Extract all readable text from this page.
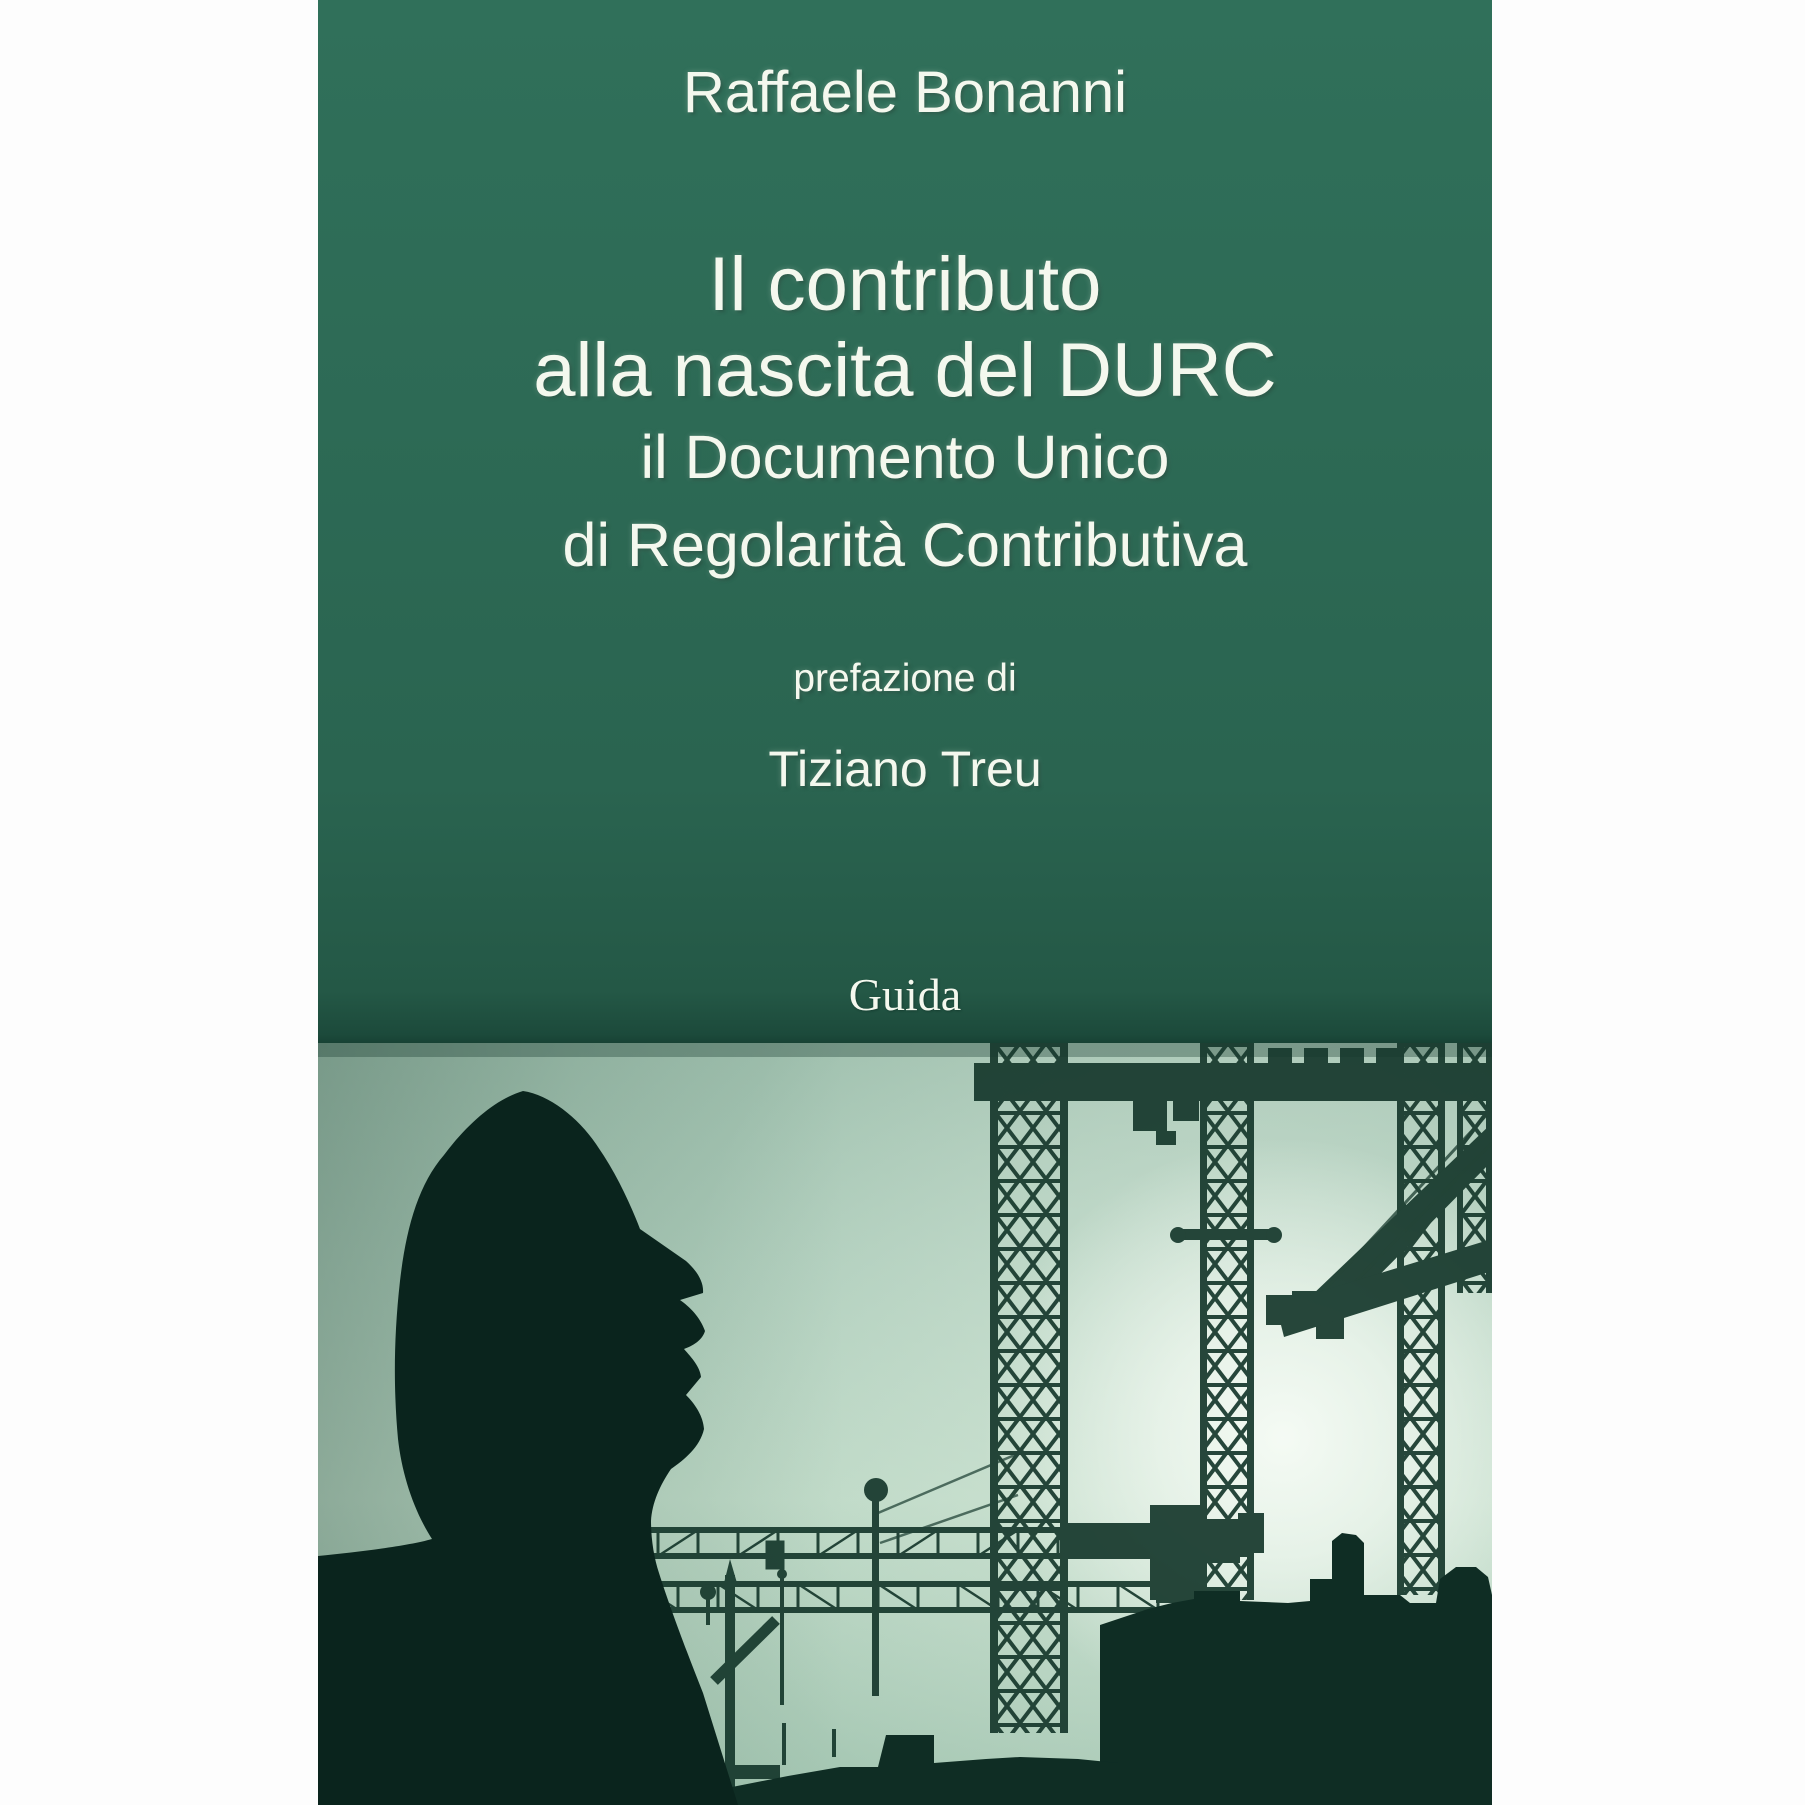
Raffaele Bonanni
Il contributo
alla nascita del DURC
il Documento Unico
di Regolarità Contributiva
prefazione di
Tiziano Treu
Guida
